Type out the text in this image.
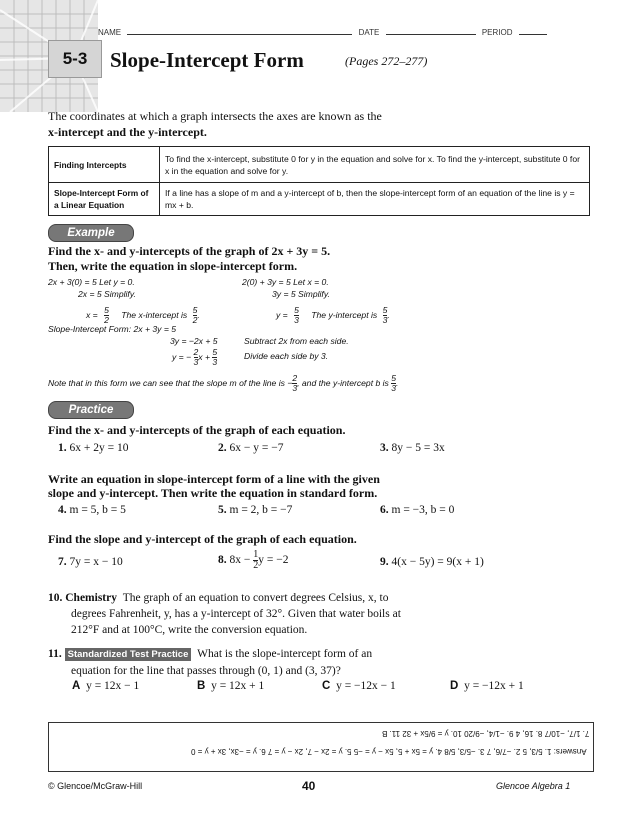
NAME	DATE	PERIOD
5-3	Slope-Intercept Form	(Pages 272–277)
The coordinates at which a graph intersects the axes are known as the
x-intercept and the y-intercept.
Finding Intercepts	To find the x-intercept, substitute 0 for y in the equation and solve for x. To find the y-intercept, substitute 0 for x in the equation and solve for y.
Slope-Intercept Form of a Linear Equation	If a line has a slope of m and a y-intercept of b, then the slope-intercept form of an equation of the line is y = mx + b.
Example
Find the x- and y-intercepts of the graph of 2x + 3y = 5.
Then, write the equation in slope-intercept form.
2x + 3(0) = 5 Let y = 0.
2x = 5 Simplify.
$x = \frac{5}{2}$ The x-intercept is $\frac{5}{2}$ .
2(0) + 3y = 5 Let x = 0.
3y = 5 Simplify.
$y = \frac{5}{3}$ The y-intercept is $\frac{5}{3}$ .
Slope-Intercept Form: 2x + 3y = 5
3y = −2x + 5	Subtract 2x from each side.
y = − $\frac{2}{3}$ $x + \frac{5}{3}$	Divide each side by 3.
Note that in this form we can see that the slope m of the line is − $\frac{2}{3}$ , and the y-intercept b is $\frac{5}{3}$ .
Practice
Find the x- and y-intercepts of the graph of each equation.
1. 6x + 2y = 10	2. 6x − y = −7	3. 8y − 5 = 3x
Write an equation in slope-intercept form of a line with the given
slope and y-intercept. Then write the equation in standard form.
4. m = 5, b = 5	5. m = 2, b = −7	6. m = −3, b = 0
Find the slope and y-intercept of the graph of each equation.
7. 7y = x − 10	8. $8x - \frac{1}{2}$ y = −2	9. 4(x − 5y) = 9(x + 1)
10. Chemistry The graph of an equation to convert degrees Celsius, x, to
degrees Fahrenheit, y, has a y-intercept of 32°. Given that water boils at
212°F and at 100°C, write the conversion equation.
11. Standardized Test Practice What is the slope-intercept form of an
equation for the line that passes through (0, 1) and (3, 37)?
A y = 12x − 1	B y = 12x + 1	C y = −12x − 1	D y = −12x + 1
Answers: 1. 5/3, 5 2. −7/6, 7 3. −5/3, 5/8 4. y = 5x + 5, 5x − y = −5 5. y = 2x − 7, 2x − y = 7 6. y = −3x, 3x + y = 0
7. 1/7, −10/7 8. 16, 4 9. −1/4, −9/20 10. y = 9/5x + 32 11. B
© Glencoe/McGraw-Hill	40	Glencoe Algebra 1
